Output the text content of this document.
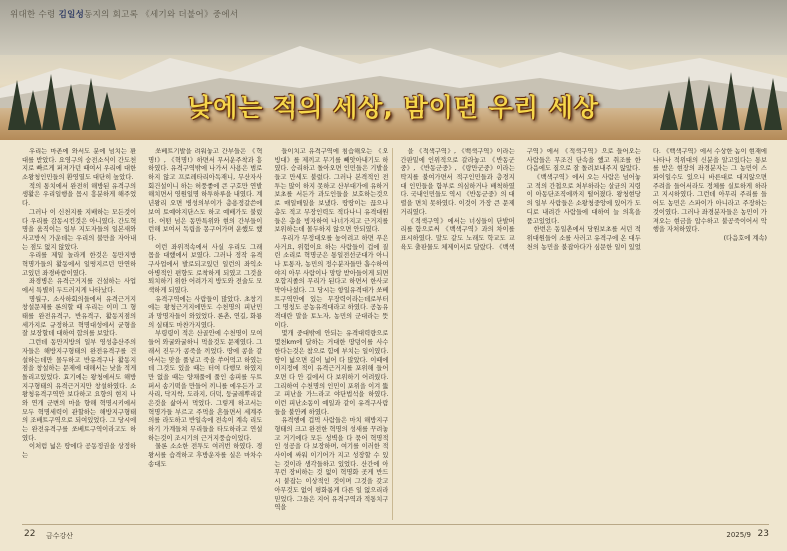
위대한 수령 김일성동지의 회고록 《세기와 더불어》중에서
낮에는 적의 세상, 밤이면 우리 세상

우리는 마촌에 와서도 분에 넘치는 환대를 받았다. 요영구의 숭전소식이 간도천지로 빠르게 퍼져가던 때여서 우리에 대한 소왕청인민들의 환영열도 대단히 높았다.

적의 통치에서 완전히 해방된 유격구의 생활은 우리일행을 몹시 흥분하게 해주었다.

그러나 이 신천지를 지배하는 모든것이 다 우리를 감동시킨것은 아니였다. 간도혁명을 움직이는 일부 지도자들의 일본새와 사고방식 가운데는 우리의 불만을 자아내는 점도 없지 않았다.

우리를 제일 놀라게 한것은 동만지방 혁명가들의 활동에서 일떵지르던 만연하고있던 좌경바람이였다.

좌경병은 유격근거지를 건설하는 사업에서 특별히 두드러지게 나타났다.

명월구, 소사하회의들에서 유격근거지창설문제를 론의할 때 우리는 이미 그 형태를 완전유격구, 반유격구, 활동지점의 세가지로 규정하고 혁명대성에서 균형을 잘 보장할데 대하여 합의를 보았다.

그런데 동만지방의 일부 영성총산주의자들은 해방지구형태의 완전유격구를 건설하는데만 몰두하고 반유격구나 활동지점을 창설하는 문제에 대해서는 낮을 적게 돌리고있었다. 효기에는 왕청에서도 해방지구형태의 유격근거지만 창설하였다. 소왕청유격구역안 보다하고 요향의 현지 나와 연개 군변의 마을 향해 혁명시키에서 모두 혁명세력이 관할하는 해방지구형태의 조배트구역으로 되여있었다. 그 당시에는 완전유격구를 쏘베트구역이라고도 하였다.

이처럼 넓은 땅에다 공동정권을 상정하는

쏘베트기발을 려워놓고 간부들은 《혁명!》, 《혁명!》하면서 무서운주착과 흥하였다. 유격구역밖에 나가서 사용은 범로 하지 않고 프로레타리아독재니, 무산자사회건설이니 하는 허풍좋에 큰 구호만 연발 해치면서 영원일명 하투하루을 내였다. 계년왕리 오면 병성의부이가 층용정갈쓴에 보여 토예야지단스도 하고 예배가도 불렀다. 어떤 넘은 동만특위와 현의 간부들이 런해 보여서 독립을 몽구어가며 운했도 했다.

이런 좌위적속에서 사실 우리도 그래 몹을 대했에서 보였다. 그러나 정작 유격구사업에서 발로되고있던 일런의 좌익소아병적인 편향도 로착하게 되였고 그것을 퇴치하기 위한 어려가지 방도와 전술도 모색하게 되였다.

유격구역에는 사람들이 많았다. 초창기에는 왕청근거지에만도 수천명의 피난민과 망명자들이 와있었다. 론촌, 연길, 화룡의 실태도 마찬가지였다.

부령령이 적은 산골안에 수천명이 모여들어 와굴와굴하니 먹을것도 문제였다. 그래서 진두가 콩죽을 끼었다. 땅에 콩을 갈아서는 맞을 풀넣고 죽을 쑤어먹고 하였는데 그것도 있을 때는 터여 다행모 하였지만 없을 때는 양채풀에 풀인 송피를 두트퍼서 송기떡을 만들어 끼니를 에우든가 고사리, 닥지싹, 도라지, 더덕, 둥굴레뿌리같은것을 삶아서 먹었다. 그렇게 하고서는 혁명가들 부르고 주먹을 흔들면서 세계주의를 라도하고 반일속에 전속이 계속 리도하기 가계들쳐 무리들을 타도하라고 연설하는것이 조시기의 근거지풍습이었다.

물론 소소한 전투도 여러번 하였다. 경왕서를 습격하고 후방운자를 실은 마차수송대도

들이치고 유격구역에 침습해오는 《오빙대》를 제끼고 무기를 빼앗아내기도 하였다. 승리하고 돌아오면 인민들은 기발을 들고 만세도 불렀다. 그러나 본격적인 전투는 많이 하지 못하고 산부대가에 유하거 보초를 서든가 과도인들을 보호하는것으로 매일매일을 보냈다. 땅땅이는 끊으나 총도 적고 무장인력도 적다나니 유격대원들은 총을 빙자하여 나너가지고 근거지를 보위하는데 몰두하지 않으면 안되였다.

우리가 무정대오를 높이려고 하면 푸은 사거요, 위험이요 하는 사람들이 겁에 질린 소리로 혁명군은 통일전선군대가 아니나 토통자, 농민의 정수분자들만 흡수하여야지 아무 사람이나 망탕 받아들이게 되면 오합지졸의 무리가 된다고 하면서 한사코 막아나섰다. 그 당시는 항일유격대가 쏘베트구역안에 있는 무장력이라는데로부터 그 명칭도 공농유격대라고 하였다. 공농유격대란 말을 토노자, 농민의 군대라는 뜻이다.

몇개 중대밖에 안되는 유격대력량으로 몇천km에 달하는 거대한 땅덩이를 사수한다는것은 참으로 힘에 부치는 일이였다. 땅이 넓으면 길이 넓어 다 많았다. 이때에 이지정에 적이 유격근거지를 포위해 들어오면 다 안 길에서 다 보위하기 어려웠다. 그리하여 수천명의 인민이 포위을 이겨 뚫고 피난을 가느라고 야단법석을 하였다. 이런 피난소동이 예일과 같이 유격구사람들을 불안케 하였다.

유격행에 겁먹 사람들은 마치 해방지구 형태의 크고 완전한 혁명의 성새를 꾸려놓고 거기에다 모든 성벽을 다 묶어 혁명적인 성공을 다 보장하며, 여기를 이러한 적 사이에 싸워 이기어가 지고 성장할 수 있는 것이라 생각들하고 있었다. 산간에 아무런 장비하는 것 없이 혁명화 곳게 반드시 붙잡는 이상적인 것이며 그것을 갖고 아무것도 없이 평화롭게 다른 일 없으리라 믿었다. 그들은 지어 유격구역과 적통치구역을

을 《적색구역》, 《백색구역》이라는 간판밑에 인위적으로 갈라놓고 《반동군중》, 《반동군중》, 《랑만군중》이라는 딱지를 불여가면서 적구인민들과 층경지대 인민들을 함부로 의심하거나 배척하였다. 국내인민들도 역시 《반동군중》의 대렬을 면치 못하였다. 이것이 가장 큰 문제거리였다.

《적색구역》에서는 너싱들이 단발머리를 함으로써 《백색구역》과의 차이를 표시하였다. 말도 같도 노래도 학교도 교육도 출판물도 체제이서로 달랐다. 《백색구역》에서 《적색구역》으로 들어오는 사람들은 무조건 단속을 했고 취조를 한 다음에도 질으로 잘 돌려보내주지 않았다.

《백색구역》에서 오는 사람은 넘어놓고 적의 간첩으로 처부하라는 살균의 지령이 아동단조직에까지 떨어졌다. 왕청현당의 일부 사람들은 소왕청중앙에 있어가 도디로 내려간 사람들에 대하여 늘 의혹을 품고있었다.

한번은 동일촌에서 당원보초를 서던 적위대원들이 소를 사러고 유격구에 온 대두천의 농민을 불잡아다가 심문한 일이 있었다. 《백색구역》에서 수상한 놈이 현재에 나타나 적위대의 신분을 알고있다는 통보를 받은 현장의 좌경분자는 그 농민이 스파이일수도 있으니 바른대로 대지않으면 주려을 들어서라도 정체를 실토하게 하라고 지시하였다. 그런데 아무리 주리를 들어도 농민은 스파이가 아니라고 주장하는 것이였다. 그러나 좌경분자들은 농민이 가져오는 현금을 압수하고 불공죽이어서 악행을 자처하였다.

(다음호에 계속)

22 금수강산	2025/9 23
